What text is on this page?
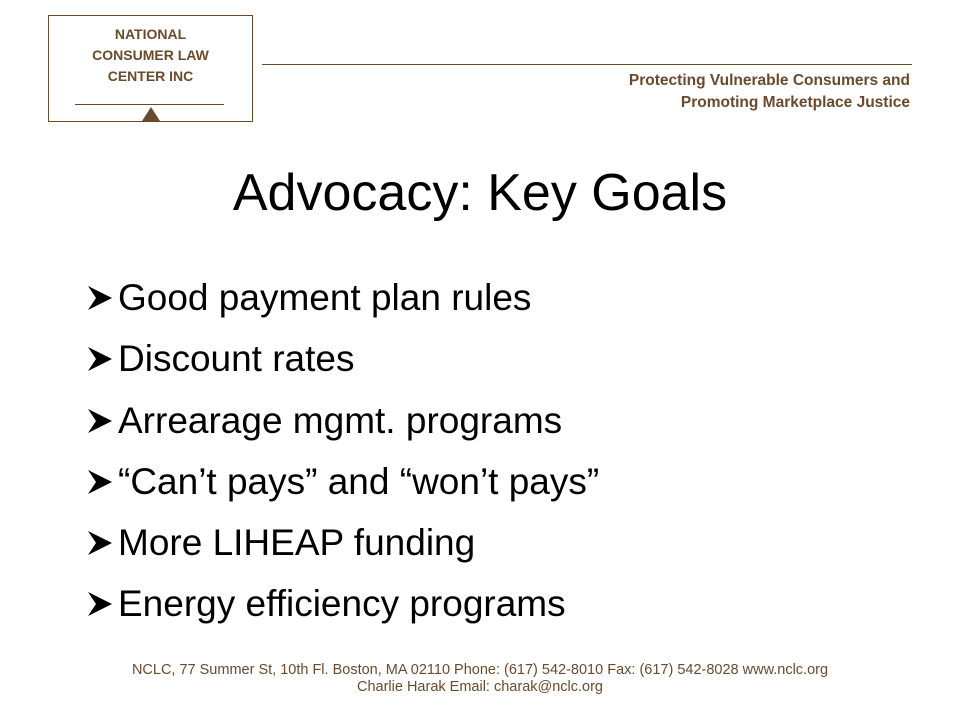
NATIONAL
CONSUMER LAW
CENTER INC	Protecting Vulnerable Consumers and
Promoting Marketplace Justice
Advocacy: Key Goals
Good payment plan rules
Discount rates
Arrearage mgmt. programs
“Can’t pays” and “won’t pays”
More LIHEAP funding
Energy efficiency programs
NCLC, 77 Summer St, 10th Fl. Boston, MA 02110 Phone: (617) 542-8010 Fax: (617) 542-8028 www.nclc.org
Charlie Harak Email: charak@nclc.org
